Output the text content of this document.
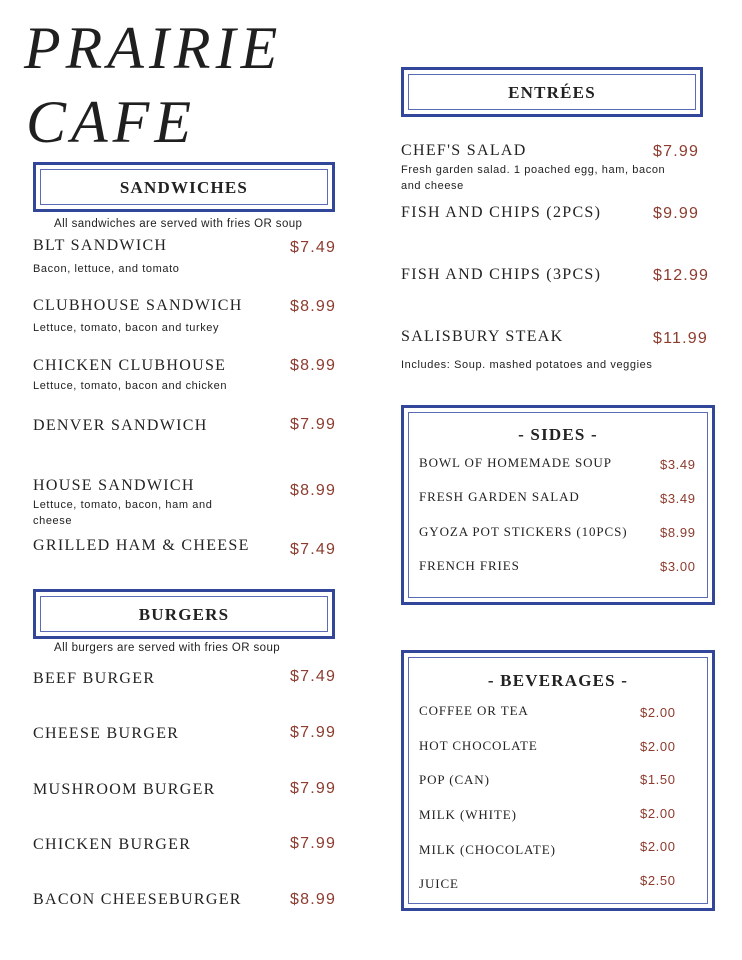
PRAIRIE
CAFE
SANDWICHES
All sandwiches are served with fries OR soup
BLT SANDWICH	$7.49
Bacon, lettuce, and tomato
CLUBHOUSE SANDWICH	$8.99
Lettuce, tomato, bacon and turkey
CHICKEN CLUBHOUSE	$8.99
Lettuce, tomato, bacon and chicken
DENVER SANDWICH	$7.99
HOUSE SANDWICH	$8.99
Lettuce, tomato, bacon, ham and cheese
GRILLED HAM & CHEESE	$7.49
BURGERS
All burgers are served with fries OR soup
BEEF BURGER	$7.49
CHEESE BURGER	$7.99
MUSHROOM BURGER	$7.99
CHICKEN BURGER	$7.99
BACON CHEESEBURGER	$8.99
ENTRÉES
CHEF'S SALAD	$7.99
Fresh garden salad. 1 poached egg, ham, bacon and cheese
FISH AND CHIPS (2PCS)	$9.99
FISH AND CHIPS (3PCS)	$12.99
SALISBURY STEAK	$11.99
Includes: Soup. mashed potatoes and veggies
- SIDES -
BOWL OF HOMEMADE SOUP	$3.49
FRESH GARDEN SALAD	$3.49
GYOZA POT STICKERS (10PCS)	$8.99
FRENCH FRIES	$3.00
- BEVERAGES -
COFFEE OR TEA	$2.00
HOT CHOCOLATE	$2.00
POP (CAN)	$1.50
MILK (WHITE)	$2.00
MILK (CHOCOLATE)	$2.00
JUICE	$2.50
